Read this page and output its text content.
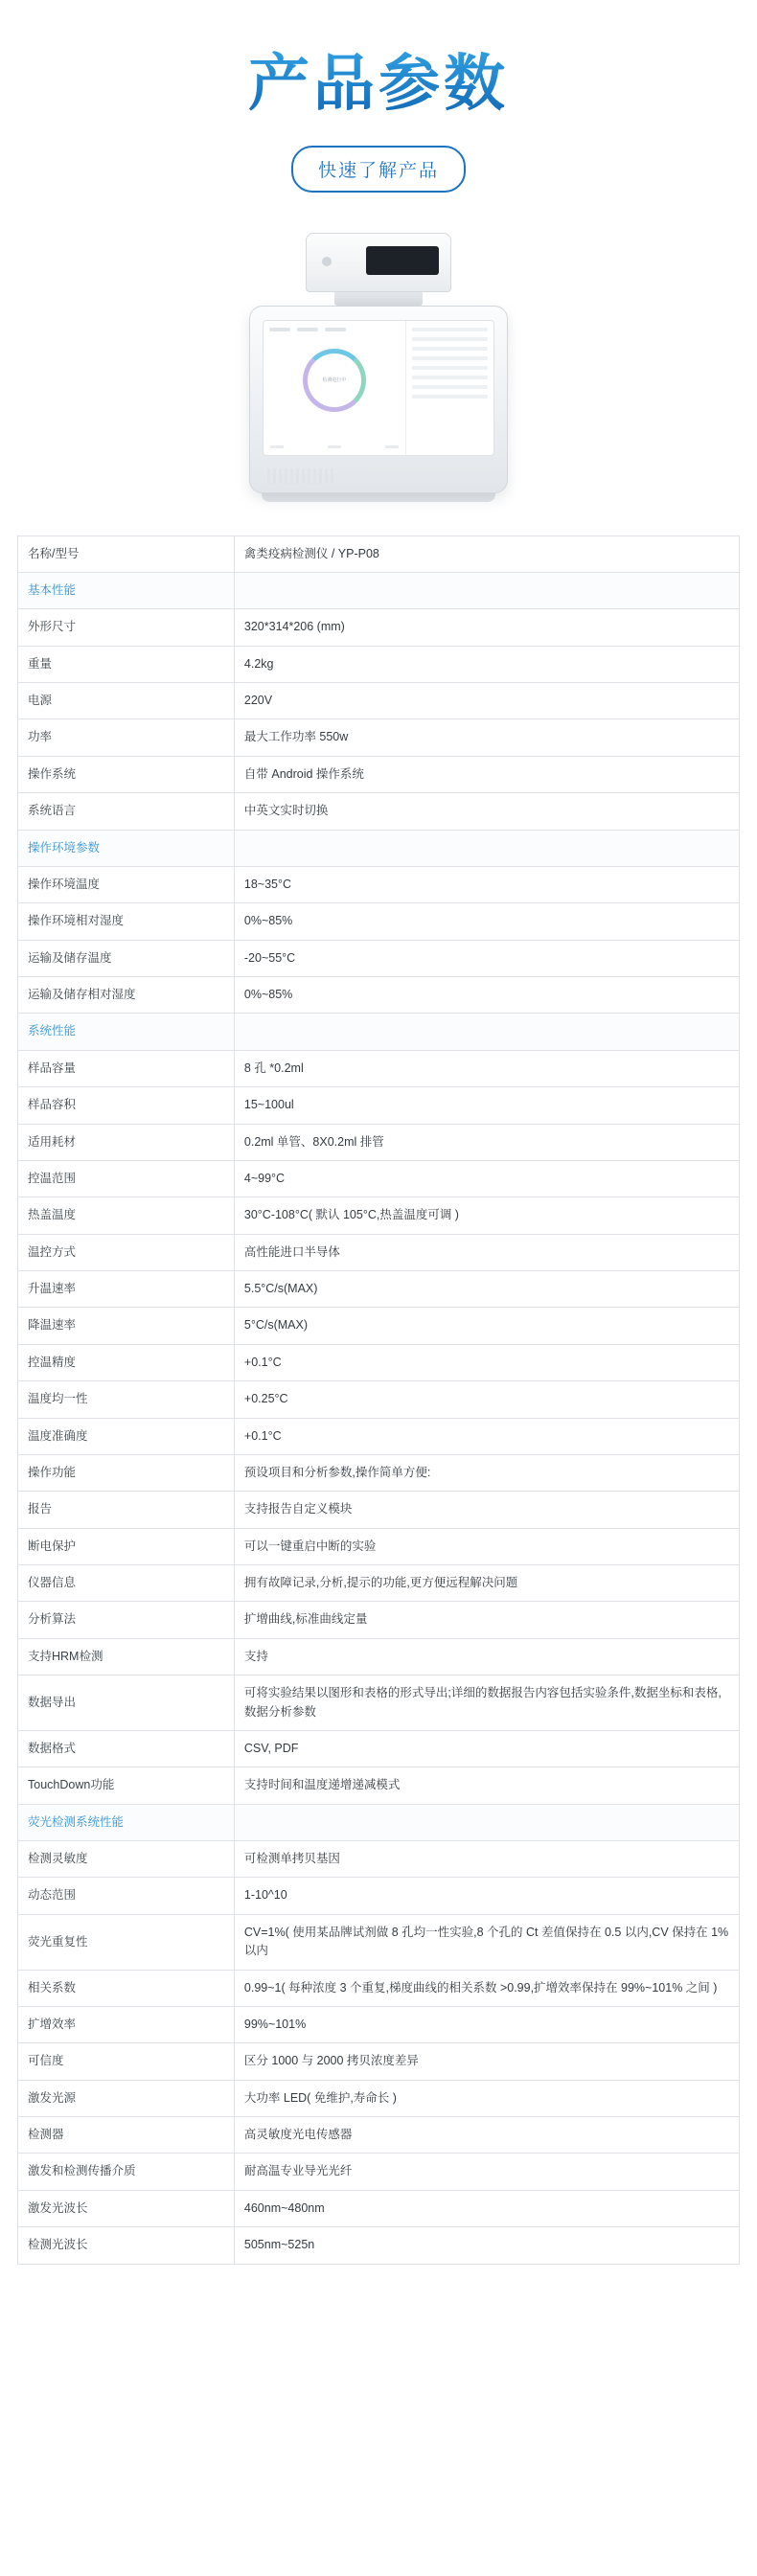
产品参数
快速了解产品
检测进行中
名称/型号	禽类疫病检测仪 / YP-P08
基本性能	
外形尺寸	320*314*206 (mm)
重量	4.2kg
电源	220V
功率	最大工作功率 550w
操作系统	自带 Android 操作系统
系统语言	中英文实时切换
操作环境参数	
操作环境温度	18~35°C
操作环境相对湿度	0%~85%
运输及储存温度	-20~55°C
运输及储存相对湿度	0%~85%
系统性能	
样品容量	8 孔 *0.2ml
样品容积	15~100ul
适用耗材	0.2ml 单管、8X0.2ml 排管
控温范围	4~99°C
热盖温度	30°C-108°C( 默认 105°C,热盖温度可调 )
温控方式	高性能进口半导体
升温速率	5.5°C/s(MAX)
降温速率	5°C/s(MAX)
控温精度	+0.1°C
温度均一性	+0.25°C
温度准确度	+0.1°C
操作功能	预设项目和分析参数,操作简单方便:
报告	支持报告自定义模块
断电保护	可以一键重启中断的实验
仪器信息	拥有故障记录,分析,提示的功能,更方便远程解决问题
分析算法	扩增曲线,标准曲线定量
支持HRM检测	支持
数据导出	可将实验结果以图形和表格的形式导出;详细的数据报告内容包括实验条件,数据坐标和表格,数据分析参数
数据格式	CSV, PDF
TouchDown功能	支持时间和温度递增递减模式
荧光检测系统性能	
检测灵敏度	可检测单拷贝基因
动态范围	1-10^10
荧光重复性	CV=1%( 使用某品牌试剂做 8 孔均一性实验,8 个孔的 Ct 差值保持在 0.5 以内,CV 保持在 1% 以内
相关系数	0.99~1( 每种浓度 3 个重复,梯度曲线的相关系数 >0.99,扩增效率保持在 99%~101% 之间 )
扩增效率	99%~101%
可信度	区分 1000 与 2000 拷贝浓度差异
激发光源	大功率 LED( 免维护,寿命长 )
检测器	高灵敏度光电传感器
激发和检测传播介质	耐高温专业导光光纤
激发光波长	460nm~480nm
检测光波长	505nm~525n
